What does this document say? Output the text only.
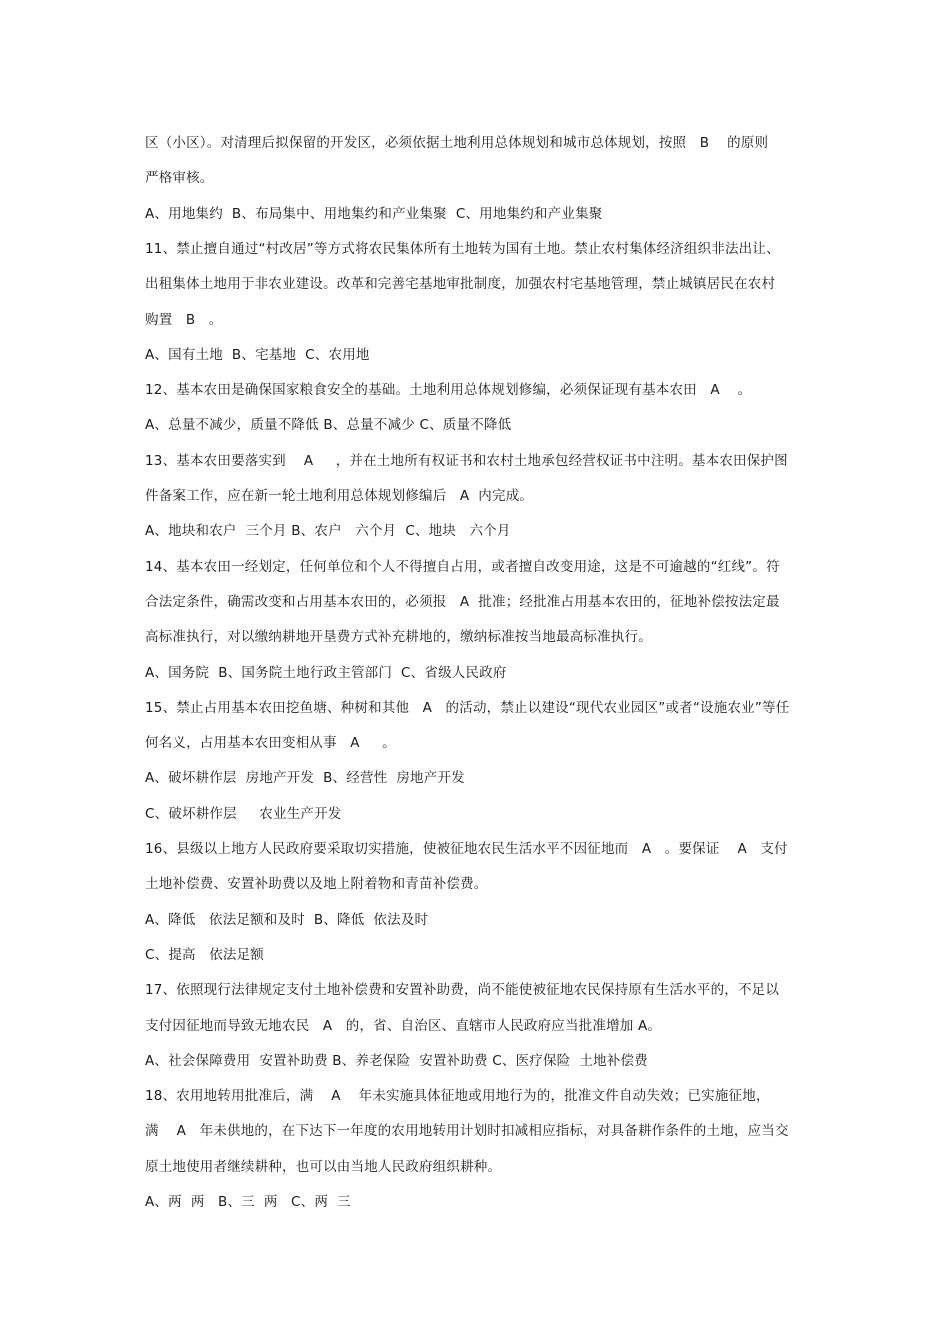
区（小区）。对清理后拟保留的开发区，必须依据土地利用总体规划和城市总体规划，按照   B    的原则
严格审核。
A、用地集约  B、布局集中、用地集约和产业集聚  C、用地集约和产业集聚
11、禁止擅自通过“村改居”等方式将农民集体所有土地转为国有土地。禁止农村集体经济组织非法出让、
出租集体土地用于非农业建设。改革和完善宅基地审批制度，加强农村宅基地管理，禁止城镇居民在农村
购置   B   。
A、国有土地  B、宅基地  C、农用地
12、基本农田是确保国家粮食安全的基础。土地利用总体规划修编，必须保证现有基本农田   A    。
A、总量不减少，质量不降低 B、总量不减少 C、质量不降低
13、基本农田要落实到    A     ，并在土地所有权证书和农村土地承包经营权证书中注明。基本农田保护图
件备案工作，应在新一轮土地利用总体规划修编后   A  内完成。
A、地块和农户  三个月 B、农户   六个月  C、地块   六个月
14、基本农田一经划定，任何单位和个人不得擅自占用，或者擅自改变用途，这是不可逾越的“红线”。符
合法定条件，确需改变和占用基本农田的，必须报   A  批准；经批准占用基本农田的，征地补偿按法定最
高标准执行，对以缴纳耕地开垦费方式补充耕地的，缴纳标准按当地最高标准执行。
A、国务院  B、国务院土地行政主管部门  C、省级人民政府
15、禁止占用基本农田挖鱼塘、种树和其他   A   的活动，禁止以建设“现代农业园区”或者“设施农业”等任
何名义，占用基本农田变相从事   A     。
A、破坏耕作层  房地产开发  B、经营性  房地产开发
C、破坏耕作层     农业生产开发
16、县级以上地方人民政府要采取切实措施，使被征地农民生活水平不因征地而   A   。要保证    A   支付
土地补偿费、安置补助费以及地上附着物和青苗补偿费。
A、降低   依法足额和及时  B、降低  依法及时
C、提高   依法足额
17、依照现行法律规定支付土地补偿费和安置补助费，尚不能使被征地农民保持原有生活水平的，不足以
支付因征地而导致无地农民   A   的，省、自治区、直辖市人民政府应当批准增加 A。
A、社会保障费用  安置补助费 B、养老保险  安置补助费 C、医疗保险  土地补偿费
18、农用地转用批准后，满    A    年未实施具体征地或用地行为的，批准文件自动失效；已实施征地，
满    A   年未供地的，在下达下一年度的农用地转用计划时扣减相应指标，对具备耕作条件的土地，应当交
原土地使用者继续耕种，也可以由当地人民政府组织耕种。
A、两  两   B、三  两   C、两  三
